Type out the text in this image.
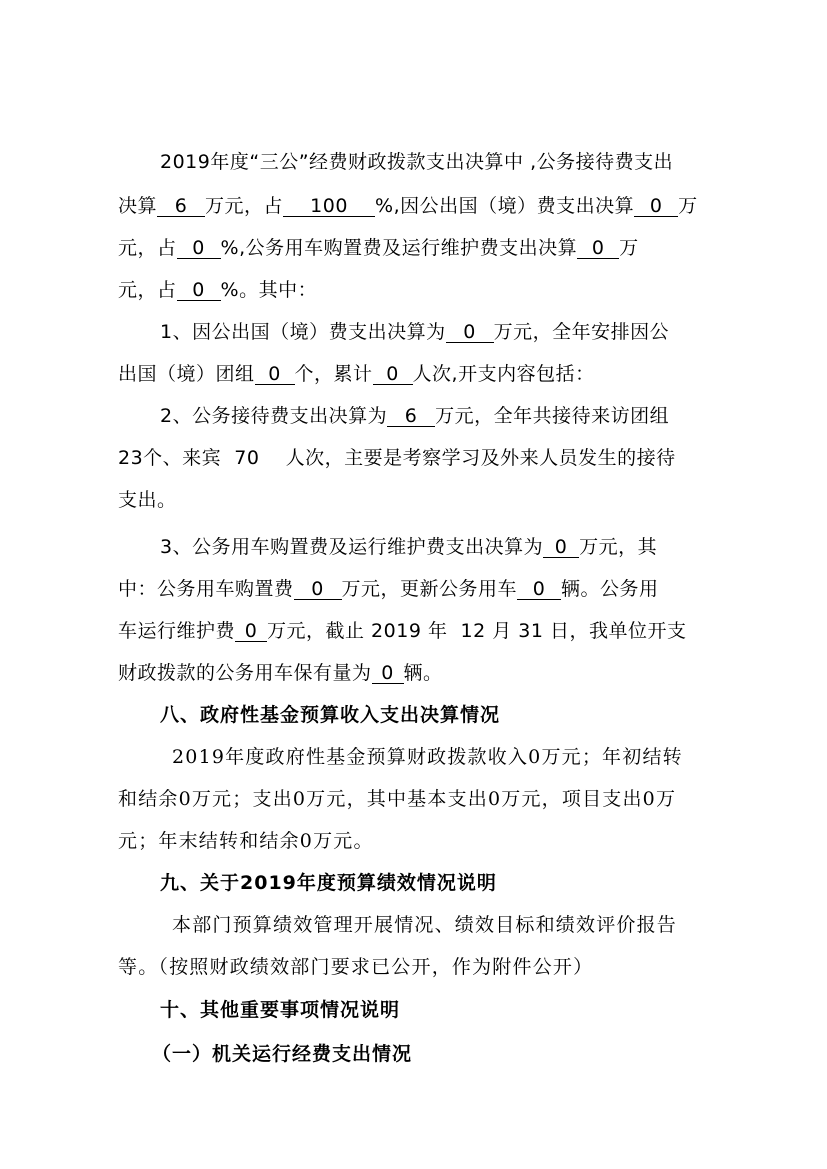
2019年度“三公”经费财政拨款支出决算中 ,公务接待费支出
决算 6 万元，占 100 %,因公出国（境）费支出决算 0 万
元，占 0 %,公务用车购置费及运行维护费支出决算 0 万
元，占 0 %。其中：
1、因公出国（境）费支出决算为 0 万元，全年安排因公
出国（境）团组 0 个，累计 0 人次,开支内容包括：
2、公务接待费支出决算为 6 万元，全年共接待来访团组
23个、来宾  70    人次，主要是考察学习及外来人员发生的接待
支出。
3、公务用车购置费及运行维护费支出决算为 0 万元，其
中：公务用车购置费 0 万元，更新公务用车 0 辆。公务用
车运行维护费 0 万元，截止 2019 年  12 月 31 日，我单位开支
财政拨款的公务用车保有量为 0 辆。
八、政府性基金预算收入支出决算情况
2019年度政府性基金预算财政拨款收入0万元；年初结转
和结余0万元；支出0万元，其中基本支出0万元，项目支出0万
元；年末结转和结余0万元。
九、关于2019年度预算绩效情况说明
本部门预算绩效管理开展情况、绩效目标和绩效评价报告
等。（按照财政绩效部门要求已公开，作为附件公开）
十、其他重要事项情况说明
（一）机关运行经费支出情况
